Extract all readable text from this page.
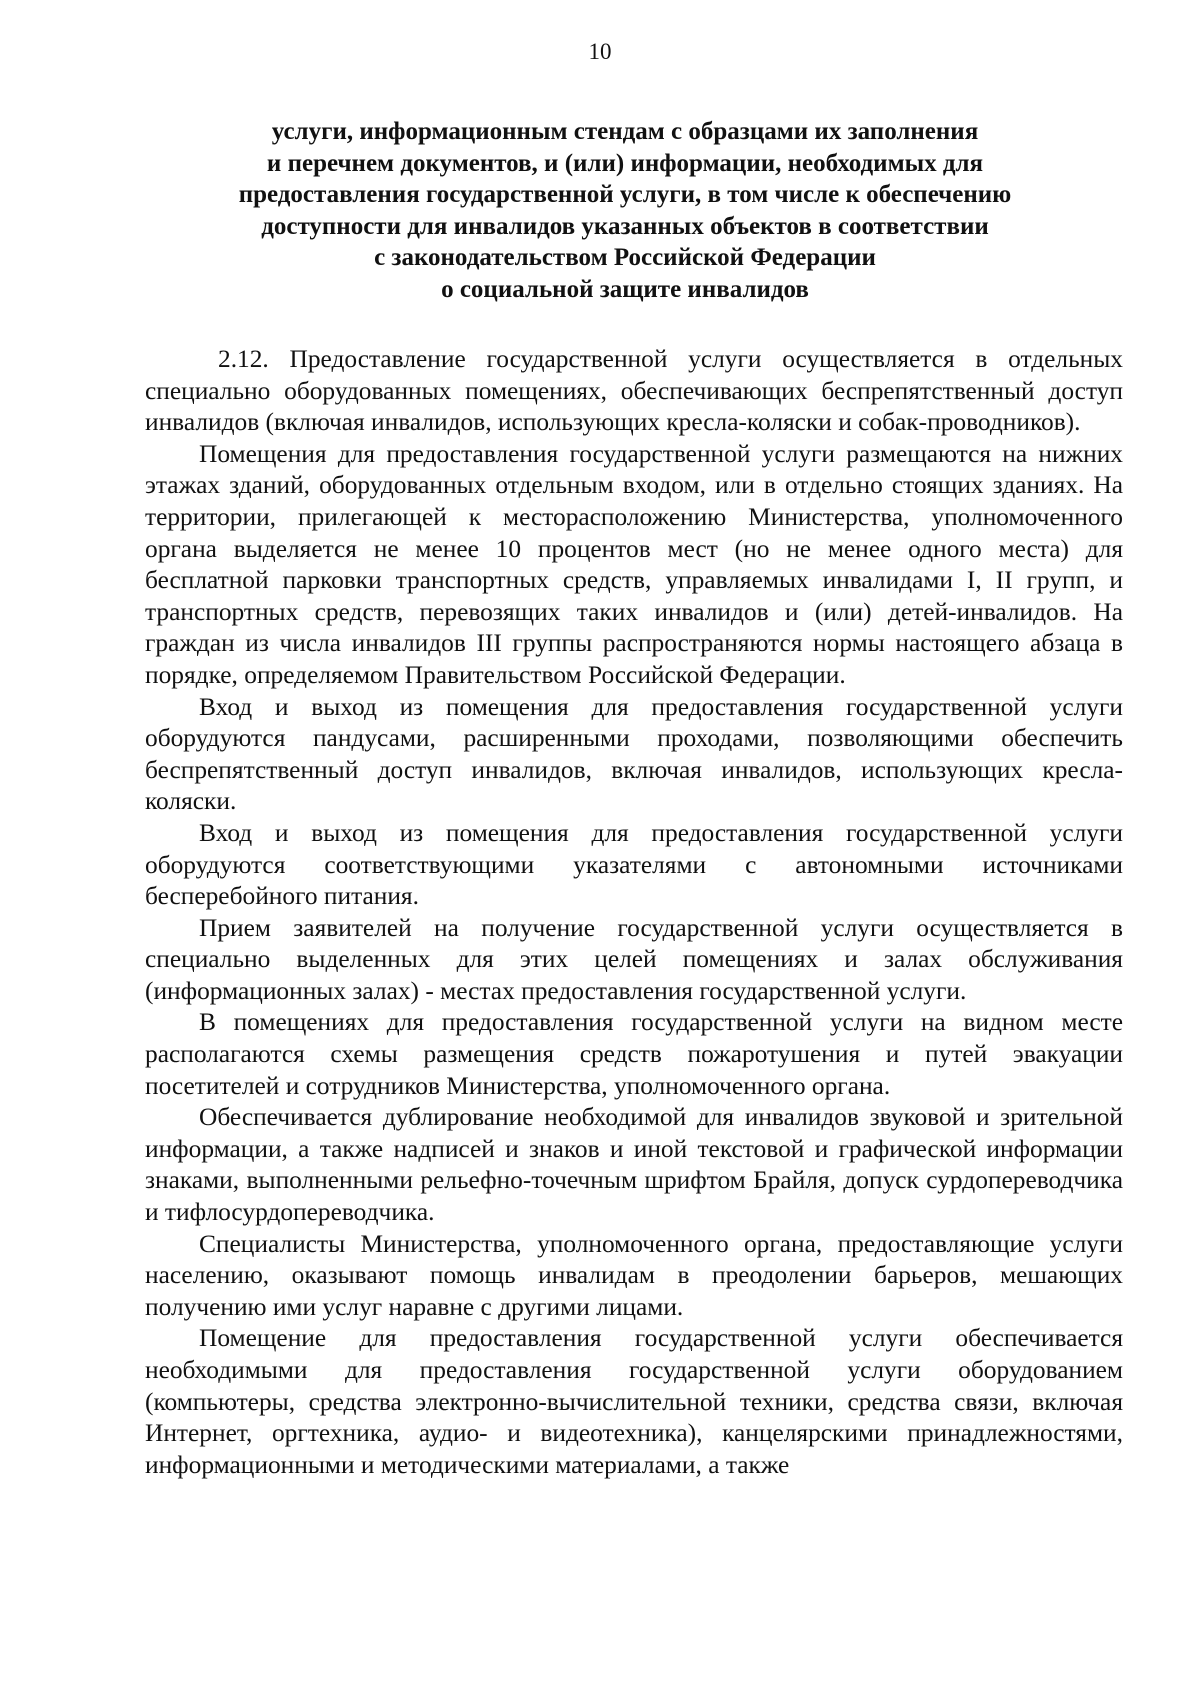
10
услуги, информационным стендам с образцами их заполнения
и перечнем документов, и (или) информации, необходимых для
предоставления государственной услуги, в том числе к обеспечению
доступности для инвалидов указанных объектов в соответствии
с законодательством Российской Федерации
о социальной защите инвалидов

2.12. Предоставление государственной услуги осуществляется в отдельных специально оборудованных помещениях, обеспечивающих беспрепятственный доступ инвалидов (включая инвалидов, использующих кресла-коляски и собак-проводников).

Помещения для предоставления государственной услуги размещаются на нижних этажах зданий, оборудованных отдельным входом, или в отдельно стоящих зданиях. На территории, прилегающей к месторасположению Министерства, уполномоченного органа выделяется не менее 10 процентов мест (но не менее одного места) для бесплатной парковки транспортных средств, управляемых инвалидами I, II групп, и транспортных средств, перевозящих таких инвалидов и (или) детей-инвалидов. На граждан из числа инвалидов III группы распространяются нормы настоящего абзаца в порядке, определяемом Правительством Российской Федерации.

Вход и выход из помещения для предоставления государственной услуги оборудуются пандусами, расширенными проходами, позволяющими обеспечить беспрепятственный доступ инвалидов, включая инвалидов, использующих кресла-коляски.

Вход и выход из помещения для предоставления государственной услуги оборудуются соответствующими указателями с автономными источниками бесперебойного питания.

Прием заявителей на получение государственной услуги осуществляется в специально выделенных для этих целей помещениях и залах обслуживания (информационных залах) - местах предоставления государственной услуги.

В помещениях для предоставления государственной услуги на видном месте располагаются схемы размещения средств пожаротушения и путей эвакуации посетителей и сотрудников Министерства, уполномоченного органа.

Обеспечивается дублирование необходимой для инвалидов звуковой и зрительной информации, а также надписей и знаков и иной текстовой и графической информации знаками, выполненными рельефно-точечным шрифтом Брайля, допуск сурдопереводчика и тифлосурдопереводчика.

Специалисты Министерства, уполномоченного органа, предоставляющие услуги населению, оказывают помощь инвалидам в преодолении барьеров, мешающих получению ими услуг наравне с другими лицами.

Помещение для предоставления государственной услуги обеспечивается необходимыми для предоставления государственной услуги оборудованием (компьютеры, средства электронно-вычислительной техники, средства связи, включая Интернет, оргтехника, аудио- и видеотехника), канцелярскими принадлежностями, информационными и методическими материалами, а также
